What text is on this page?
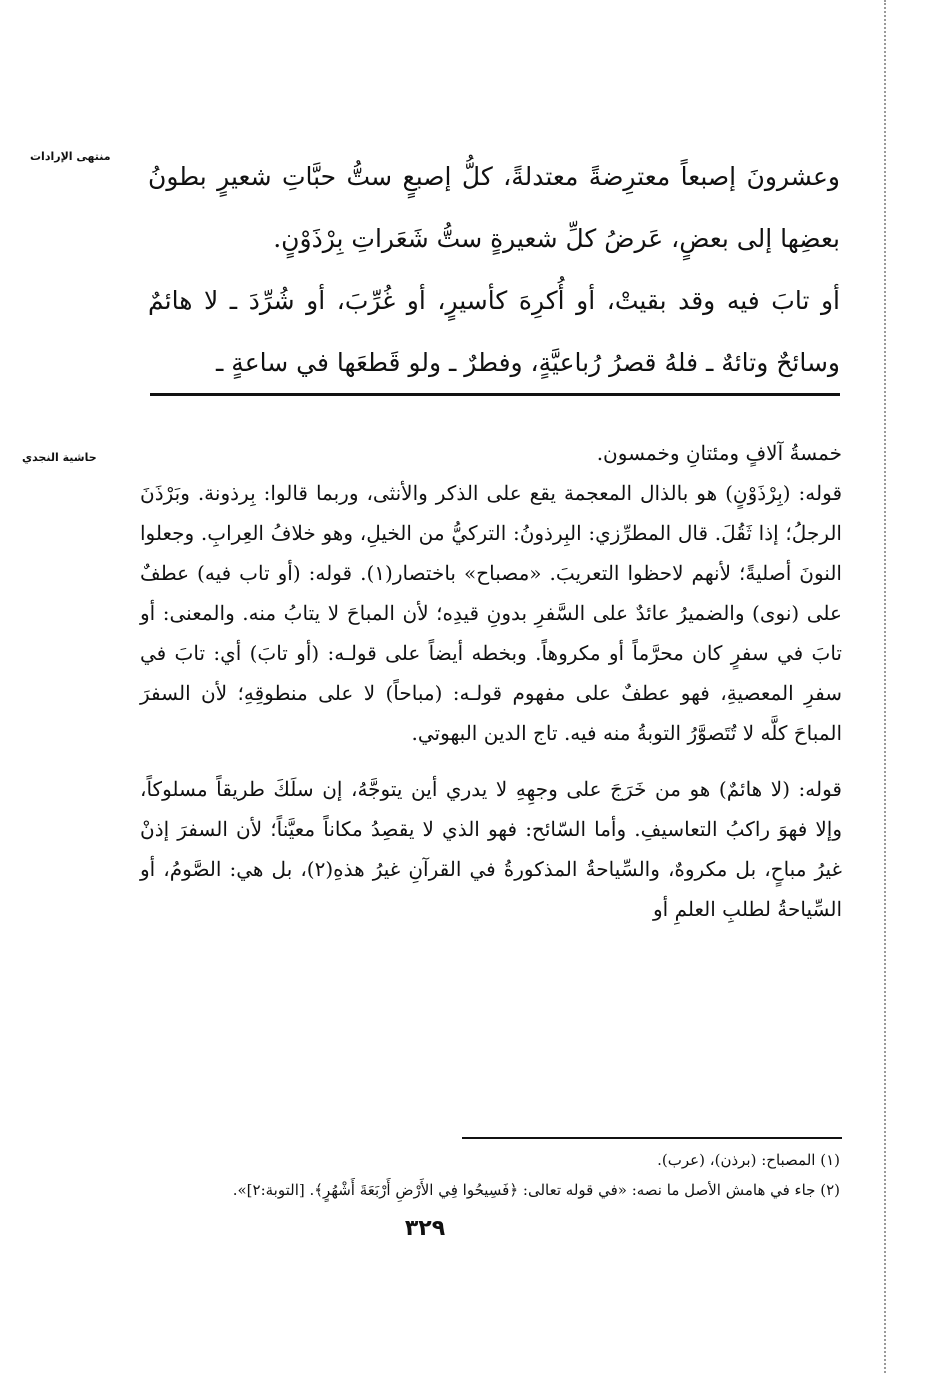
منتهى الإرادات

وعشرونَ إصبعاً معترِضةً معتدلةً، كلُّ إصبعٍ ستُّ حبَّاتِ شعيرٍ بطونُ بعضِها إلى بعضٍ، عَرضُ كلِّ شعيرةٍ ستُّ شَعَراتِ بِرْذَوْنٍ.

أو تابَ فيه وقد بقيتْ، أو أُكرِهَ كأسيرٍ، أو غُرِّبَ، أو شُرِّدَ ـ لا هائمٌ وسائحٌ وتائهٌ ـ فلهُ قصرُ رُباعيَّةٍ، وفطرٌ ـ ولو قَطعَها في ساعةٍ ـ

حاشية النجدي	خمسةُ آلافٍ ومئتانِ وخمسون.

قوله: (بِرْذَوْنٍ) هو بالذال المعجمة يقع على الذكر والأنثى، وربما قالوا: بِرذونة. وبَرْذَنَ الرجلُ؛ إذا ثَقُلَ. قال المطرِّزي: البِرذونُ: التركيُّ من الخيلِ، وهو خلافُ العِرابِ. وجعلوا النونَ أصليةً؛ لأنهم لاحظوا التعريبَ. «مصباح» باختصار(١). قوله: (أو تاب فيه) عطفٌ على (نوى) والضميرُ عائدٌ على السَّفرِ بدونِ قيدِه؛ لأن المباحَ لا يتابُ منه. والمعنى: أو تابَ في سفرٍ كان محرَّماً أو مكروهاً. وبخطه أيضاً على قولـه: (أو تابَ) أي: تابَ في سفرِ المعصيةِ، فهو عطفٌ على مفهوم قولـه: (مباحاً) لا على منطوقِهِ؛ لأن السفرَ المباحَ كلَّه لا تُتَصوَّرُ التوبةُ منه فيه. تاج الدين البهوتي.

قوله: (لا هائمٌ) هو من خَرَجَ على وجهِهِ لا يدري أين يتوجَّهُ، إن سلَكَ طريقاً مسلوكاً، وإلا فهوَ راكبُ التعاسيفِ. وأما السّائح: فهو الذي لا يقصِدُ مكاناً معيَّناً؛ لأن السفرَ إذنْ غيرُ مباحٍ، بل مكروهٌ، والسِّياحةُ المذكورةُ في القرآنِ غيرُ هذهِ(٢)، بل هي: الصَّومُ، أو السِّياحةُ لطلبِ العلمِ أو

(١) المصباح: (برذن)، (عرب).

(٢) جاء في هامش الأصل ما نصه: «في قوله تعالى: ﴿فَسِيحُوا فِي الأَرْضِ أَرْبَعَةَ أَشْهُرٍ﴾. [التوبة:٢]».

٣٢٩
